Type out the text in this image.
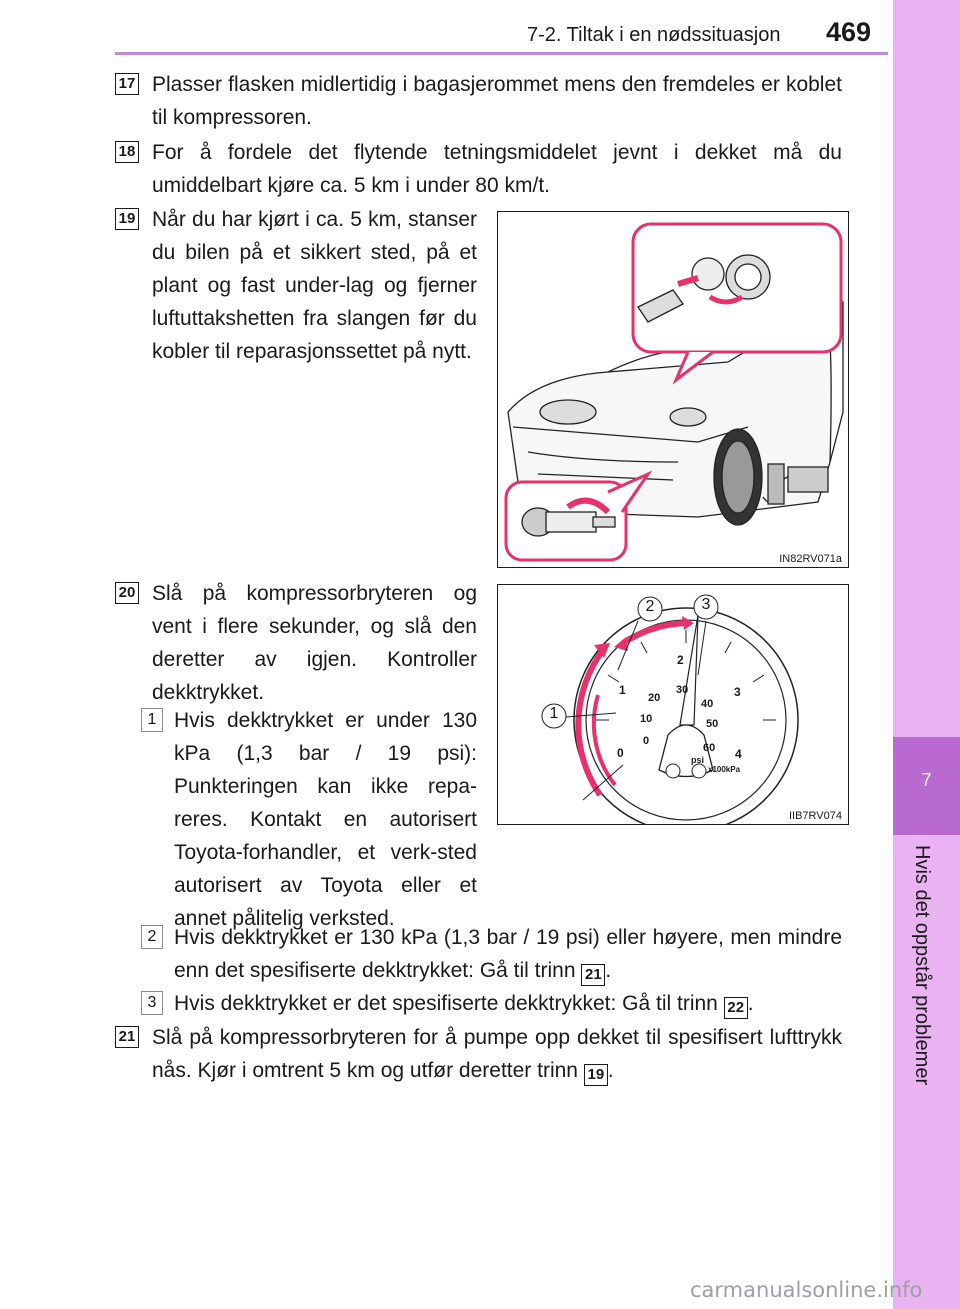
7-2. Tiltak i en nødssituasjon 469
7
Hvis det oppstår problemer
17 Plasser flasken midlertidig i bagasjerommet mens den fremdeles er koblet til kompressoren.
18 For å fordele det flytende tetningsmiddelet jevnt i dekket må du umiddelbart kjøre ca. 5 km i under 80 km/t.
19 Når du har kjørt i ca. 5 km, stanser du bilen på et sikkert sted, på et plant og fast under-lag og fjerner luftuttakshetten fra slangen før du kobler til reparasjonssettet på nytt.
IN82RV071a
20 Slå på kompressorbryteren og vent i flere sekunder, og slå den deretter av igjen. Kontroller dekktrykket.
1 Hvis dekktrykket er under 130 kPa (1,3 bar / 19 psi): Punkteringen kan ikke repa-reres. Kontakt en autorisert Toyota-forhandler, et verk-sted autorisert av Toyota eller et annet pålitelig verksted.
1
2	3
0
1
2
3
4
0
10
20
30
40
50
60
psi
x100kPa
IIB7RV074
2 Hvis dekktrykket er 130 kPa (1,3 bar / 19 psi) eller høyere, men mindre enn det spesifiserte dekktrykket: Gå til trinn 21 .
3 Hvis dekktrykket er det spesifiserte dekktrykket: Gå til trinn 22 .
21 Slå på kompressorbryteren for å pumpe opp dekket til spesifisert lufttrykk nås. Kjør i omtrent 5 km og utfør deretter trinn 19 .
carmanualsonline.info
